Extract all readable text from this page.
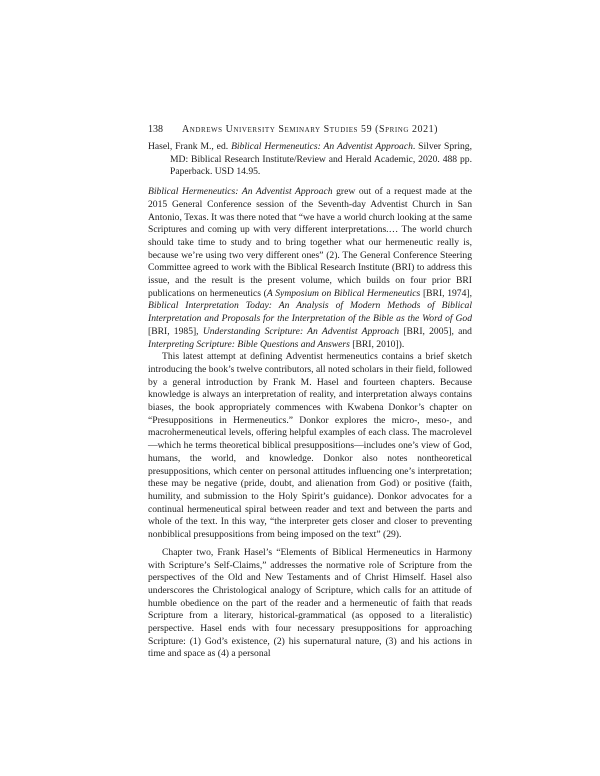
138 Andrews University Seminary Studies 59 (Spring 2021)

Hasel, Frank M., ed. Biblical Hermeneutics: An Adventist Approach. Silver Spring, MD: Biblical Research Institute/Review and Herald Academic, 2020. 488 pp. Paperback. USD 14.95.

Biblical Hermeneutics: An Adventist Approach grew out of a request made at the 2015 General Conference session of the Seventh-day Adventist Church in San Antonio, Texas. It was there noted that “we have a world church looking at the same Scriptures and coming up with very different interpretations.… The world church should take time to study and to bring together what our hermeneutic really is, because we’re using two very different ones” (2). The General Conference Steering Committee agreed to work with the Biblical Research Institute (BRI) to address this issue, and the result is the present volume, which builds on four prior BRI publications on hermeneutics (A Symposium on Biblical Hermeneutics [BRI, 1974], Biblical Interpretation Today: An Analysis of Modern Methods of Biblical Interpretation and Proposals for the Interpretation of the Bible as the Word of God [BRI, 1985], Understanding Scripture: An Adventist Approach [BRI, 2005], and Interpreting Scripture: Bible Questions and Answers [BRI, 2010]).

This latest attempt at defining Adventist hermeneutics contains a brief sketch introducing the book’s twelve contributors, all noted scholars in their field, followed by a general introduction by Frank M. Hasel and fourteen chapters. Because knowledge is always an interpretation of reality, and interpretation always contains biases, the book appropriately commences with Kwabena Donkor’s chapter on “Presuppositions in Hermeneutics.” Donkor explores the micro-, meso-, and macrohermeneutical levels, offering helpful examples of each class. The macrolevel—which he terms theoretical biblical presuppositions—includes one’s view of God, humans, the world, and knowledge. Donkor also notes nontheoretical presuppositions, which center on personal attitudes influencing one’s interpretation; these may be negative (pride, doubt, and alienation from God) or positive (faith, humility, and submission to the Holy Spirit’s guidance). Donkor advocates for a continual hermeneutical spiral between reader and text and between the parts and whole of the text. In this way, “the interpreter gets closer and closer to preventing nonbiblical presuppositions from being imposed on the text” (29).

Chapter two, Frank Hasel’s “Elements of Biblical Hermeneutics in Harmony with Scripture’s Self-Claims,” addresses the normative role of Scripture from the perspectives of the Old and New Testaments and of Christ Himself. Hasel also underscores the Christological analogy of Scripture, which calls for an attitude of humble obedience on the part of the reader and a hermeneutic of faith that reads Scripture from a literary, historical-grammatical (as opposed to a literalistic) perspective. Hasel ends with four necessary presuppositions for approaching Scripture: (1) God’s existence, (2) his supernatural nature, (3) and his actions in time and space as (4) a personal
